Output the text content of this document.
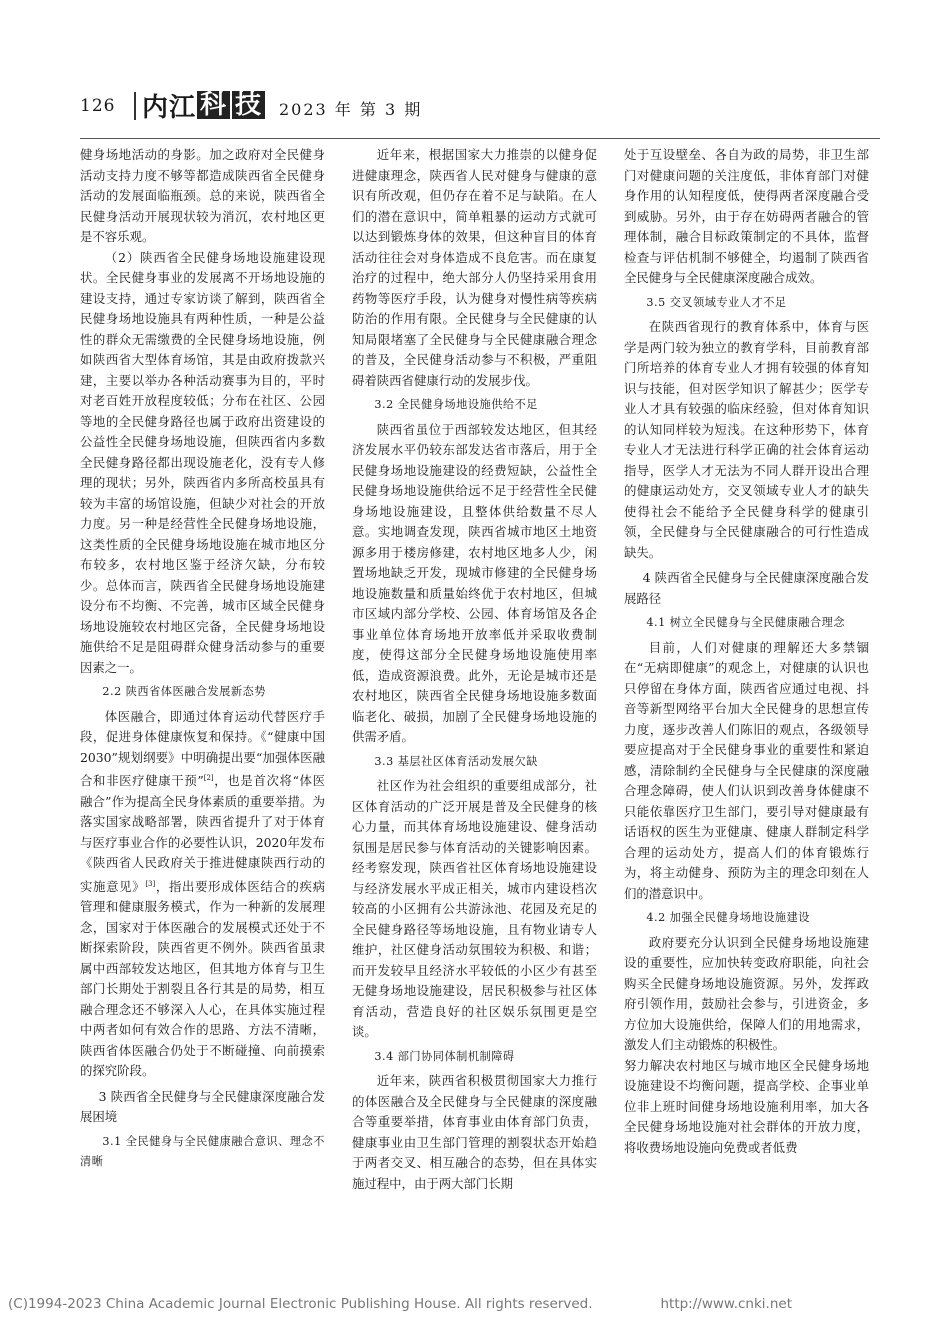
126 内 江 科 技 2023 年 第 3 期

健身场地活动的身影。加之政府对全民健身活动支持力度不够等都造成陕西省全民健身活动的发展面临瓶颈。总的来说，陕西省全民健身活动开展现状较为消沉，农村地区更是不容乐观。

（2）陕西省全民健身场地设施建设现状。全民健身事业的发展离不开场地设施的建设支持，通过专家访谈了解到，陕西省全民健身场地设施具有两种性质，一种是公益性的群众无需缴费的全民健身场地设施，例如陕西省大型体育场馆，其是由政府拨款兴建，主要以举办各种活动赛事为目的，平时对老百姓开放程度较低；分布在社区、公园等地的全民健身路径也属于政府出资建设的公益性全民健身场地设施，但陕西省内多数全民健身路径都出现设施老化，没有专人修理的现状；另外，陕西省内多所高校虽具有较为丰富的场馆设施，但缺少对社会的开放力度。另一种是经营性全民健身场地设施，这类性质的全民健身场地设施在城市地区分布较多，农村地区鉴于经济欠缺，分布较少。总体而言，陕西省全民健身场地设施建设分布不均衡、不完善，城市区域全民健身场地设施较农村地区完备，全民健身场地设施供给不足是阻碍群众健身活动参与的重要因素之一。

2.2 陕西省体医融合发展新态势

体医融合，即通过体育运动代替医疗手段，促进身体健康恢复和保持。《“健康中国 2030”规划纲要》中明确提出要“加强体医融合和非医疗健康干预”[2]，也是首次将“体医融合”作为提高全民身体素质的重要举措。为落实国家战略部署，陕西省提升了对于体育与医疗事业合作的必要性认识，2020年发布《陕西省人民政府关于推进健康陕西行动的实施意见》[3]，指出要形成体医结合的疾病管理和健康服务模式，作为一种新的发展理念，国家对于体医融合的发展模式还处于不断探索阶段，陕西省更不例外。陕西省虽隶属中西部较发达地区，但其地方体育与卫生部门长期处于割裂且各行其是的局势，相互融合理念还不够深入人心，在具体实施过程中两者如何有效合作的思路、方法不清晰，陕西省体医融合仍处于不断碰撞、向前摸索的探究阶段。

3 陕西省全民健身与全民健康深度融合发展困境
3.1 全民健身与全民健康融合意识、理念不清晰

近年来，根据国家大力推崇的以健身促进健康理念，陕西省人民对健身与健康的意识有所改观，但仍存在着不足与缺陷。在人们的潜在意识中，简单粗暴的运动方式就可以达到锻炼身体的效果，但这种盲目的体育活动往往会对身体造成不良危害。而在康复治疗的过程中，绝大部分人仍坚持采用食用药物等医疗手段，认为健身对慢性病等疾病防治的作用有限。全民健身与全民健康的认知局限堵塞了全民健身与全民健康融合理念的普及，全民健身活动参与不积极，严重阻碍着陕西省健康行动的发展步伐。

3.2 全民健身场地设施供给不足

陕西省虽位于西部较发达地区，但其经济发展水平仍较东部发达省市落后，用于全民健身场地设施建设的经费短缺，公益性全民健身场地设施供给远不足于经营性全民健身场地设施建设，且整体供给数量不尽人意。实地调查发现，陕西省城市地区土地资源多用于楼房修建，农村地区地多人少，闲置场地缺乏开发，现城市修建的全民健身场地设施数量和质量始终优于农村地区，但城市区域内部分学校、公园、体育场馆及各企事业单位体育场地开放率低并采取收费制度，使得这部分全民健身场地设施使用率低，造成资源浪费。此外，无论是城市还是农村地区，陕西省全民健身场地设施多数面临老化、破损，加剧了全民健身场地设施的供需矛盾。

3.3 基层社区体育活动发展欠缺

社区作为社会组织的重要组成部分，社区体育活动的广泛开展是普及全民健身的核心力量，而其体育场地设施建设、健身活动氛围是居民参与体育活动的关键影响因素。经考察发现，陕西省社区体育场地设施建设与经济发展水平成正相关，城市内建设档次较高的小区拥有公共游泳池、花园及充足的全民健身路径等场地设施，且有物业请专人维护，社区健身活动氛围较为积极、和谐；而开发较早且经济水平较低的小区少有甚至无健身场地设施建设，居民积极参与社区体育活动，营造良好的社区娱乐氛围更是空谈。

3.4 部门协同体制机制障碍

近年来，陕西省积极贯彻国家大力推行的体医融合及全民健身与全民健康的深度融合等重要举措，体育事业由体育部门负责，健康事业由卫生部门管理的割裂状态开始趋于两者交叉、相互融合的态势，但在具体实施过程中，由于两大部门长期

处于互设壁垒、各自为政的局势，非卫生部门对健康问题的关注度低，非体育部门对健身作用的认知程度低，使得两者深度融合受到威胁。另外，由于存在妨碍两者融合的管理体制，融合目标政策制定的不具体，监督检查与评估机制不够健全，均遏制了陕西省全民健身与全民健康深度融合成效。

3.5 交叉领域专业人才不足

在陕西省现行的教育体系中，体育与医学是两门较为独立的教育学科，目前教育部门所培养的体育专业人才拥有较强的体育知识与技能，但对医学知识了解甚少；医学专业人才具有较强的临床经验，但对体育知识的认知同样较为短浅。在这种形势下，体育专业人才无法进行科学正确的社会体育运动指导，医学人才无法为不同人群开设出合理的健康运动处方，交叉领域专业人才的缺失使得社会不能给予全民健身科学的健康引领，全民健身与全民健康融合的可行性造成缺失。

4 陕西省全民健身与全民健康深度融合发展路径
4.1 树立全民健身与全民健康融合理念

目前，人们对健康的理解还大多禁锢在“无病即健康”的观念上，对健康的认识也只停留在身体方面，陕西省应通过电视、抖音等新型网络平台加大全民健身的思想宣传力度，逐步改善人们陈旧的观点，各级领导要应提高对于全民健身事业的重要性和紧迫感，清除制约全民健身与全民健康的深度融合理念障碍，使人们认识到改善身体健康不只能依靠医疗卫生部门，要引导对健康最有话语权的医生为亚健康、健康人群制定科学合理的运动处方，提高人们的体育锻炼行为，将主动健身、预防为主的理念印刻在人们的潜意识中。

4.2 加强全民健身场地设施建设

政府要充分认识到全民健身场地设施建设的重要性，应加快转变政府职能，向社会购买全民健身场地设施资源。另外，发挥政府引领作用，鼓励社会参与，引进资金，多方位加大设施供给，保障人们的用地需求，激发人们主动锻炼的积极性。

努力解决农村地区与城市地区全民健身场地设施建设不均衡问题，提高学校、企事业单位非上班时间健身场地设施利用率，加大各全民健身场地设施对社会群体的开放力度，将收费场地设施向免费或者低费

(C)1994-2023 China Academic Journal Electronic Publishing House. All rights reserved.	http://www.cnki.net
